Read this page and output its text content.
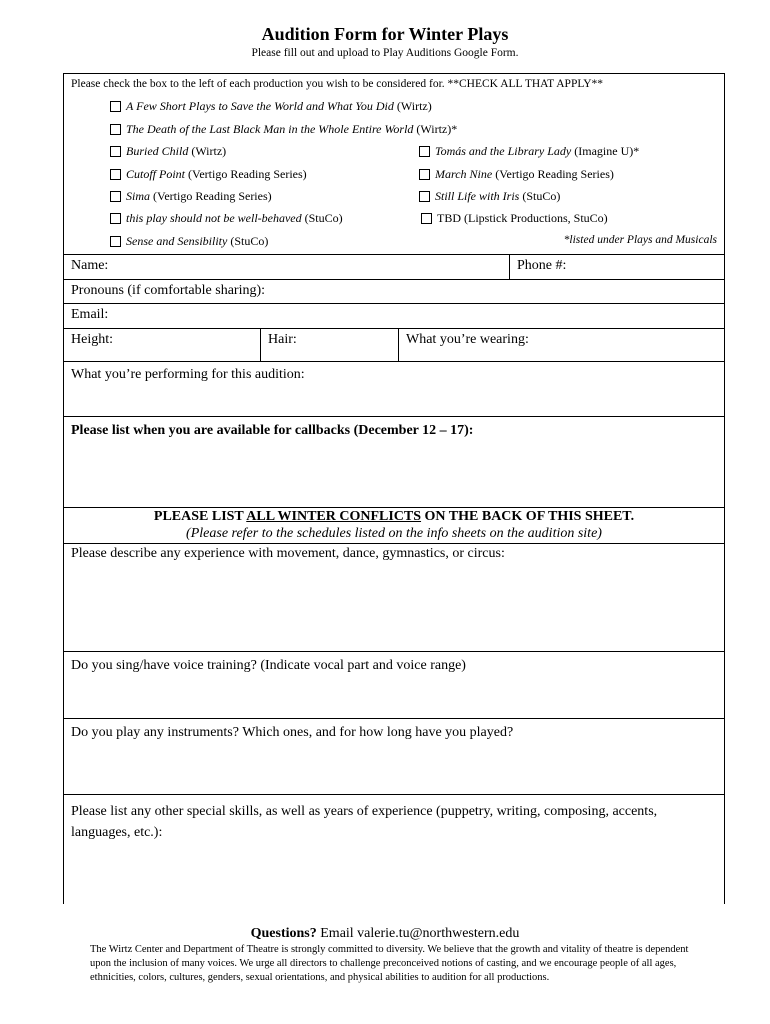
Audition Form for Winter Plays
Please fill out and upload to Play Auditions Google Form.
Please check the box to the left of each production you wish to be considered for. **CHECK ALL THAT APPLY**
A Few Short Plays to Save the World and What You Did (Wirtz)
The Death of the Last Black Man in the Whole Entire World (Wirtz)*
Buried Child (Wirtz)	Tomás and the Library Lady (Imagine U)*
Cutoff Point (Vertigo Reading Series)	March Nine (Vertigo Reading Series)
Sima (Vertigo Reading Series)	Still Life with Iris (StuCo)
this play should not be well-behaved (StuCo)	TBD (Lipstick Productions, StuCo)
Sense and Sensibility (StuCo)	*listed under Plays and Musicals
Name:	Phone #:
Pronouns (if comfortable sharing):
Email:
Height:	Hair:	What you’re wearing:
What you’re performing for this audition:
Please list when you are available for callbacks (December 12 – 17):
PLEASE LIST ALL WINTER CONFLICTS ON THE BACK OF THIS SHEET.
(Please refer to the schedules listed on the info sheets on the audition site)
Please describe any experience with movement, dance, gymnastics, or circus:
Do you sing/have voice training? (Indicate vocal part and voice range)
Do you play any instruments? Which ones, and for how long have you played?
Please list any other special skills, as well as years of experience (puppetry, writing, composing, accents, languages, etc.):
Questions? Email valerie.tu@northwestern.edu
The Wirtz Center and Department of Theatre is strongly committed to diversity. We believe that the growth and vitality of theatre is dependent upon the inclusion of many voices. We urge all directors to challenge preconceived notions of casting, and we encourage people of all ages, ethnicities, colors, cultures, genders, sexual orientations, and physical abilities to audition for all productions.
